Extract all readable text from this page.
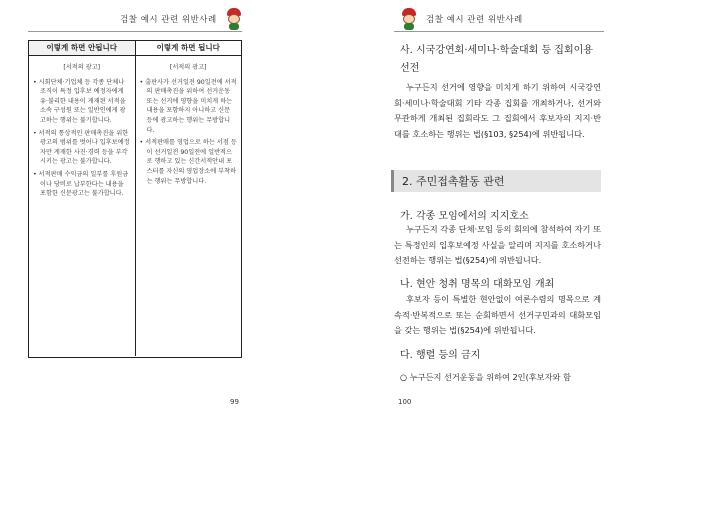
검찰 예시 관련 위반사례
이렇게 하면 안됩니다	이렇게 하면 됩니다
[서적의 광고]
• 시회단체·기업체 등 각종 단체나 조직이 특정 입후보 예정자에게 유·불리한 내용이 게재된 서적을 소속 구성원 또는 일반인에게 광고하는 행위는 불기합니다.
• 서적의 통상적인 판매촉진을 위한 광고의 범위를 벗어나 입후보예정자만 게재한 사진·경력 등을 부각시키는 광고는 불가합니다.
• 서적판매 수익금의 일부를 후원금이나 당비로 납부한다는 내용을 포함한 신문광고는 불가합니다.
[서적의 광고]
• 출판사가 선거일전 90일전에 서적의 판매촉진을 위하여 선거운동 또는 선거에 영향을 미치게 하는 내용을 포함하지 아니하고 신문 등에 광고하는 행위는 무방합니다.
• 서적판매를 영업으로 하는 서점 등이 선거일전 90일전에 일반적으로 행하고 있는 신간서적안내 포스터를 자신의 영업장소에 부착하는 행위는 무방합니다.
99
검찰 예시 관련 위반사례
사. 시국강연회·세미나·학술대회 등 집회이용 선전
누구든지 선거에 영향을 미치게 하기 위하여 시국강연회·세미나·학술대회 기타 각종 집회를 개최하거나, 선거와 무관하게 개최된 집회라도 그 집회에서 후보자의 지지·반대를 호소하는 행위는 법(§103, §254)에 위반됩니다.
2. 주민접촉활동 관련
가. 각종 모임에서의 지지호소
누구든지 각종 단체·모임 등의 회의에 참석하여 자기 또는 특정인의 입후보예정 사실을 알리며 지지를 호소하거나 선전하는 행위는 법(§254)에 위반됩니다.
나. 현안 청취 명목의 대화모임 개최
후보자 등이 특별한 현안없이 여론수렴의 명목으로 계속적·반복적으로 또는 순회하면서 선거구민과의 대화모임을 갖는 행위는 법(§254)에 위반됩니다.
다. 행렬 등의 금지
○ 누구든지 선거운동을 위하여 2인(후보자와 함
100
